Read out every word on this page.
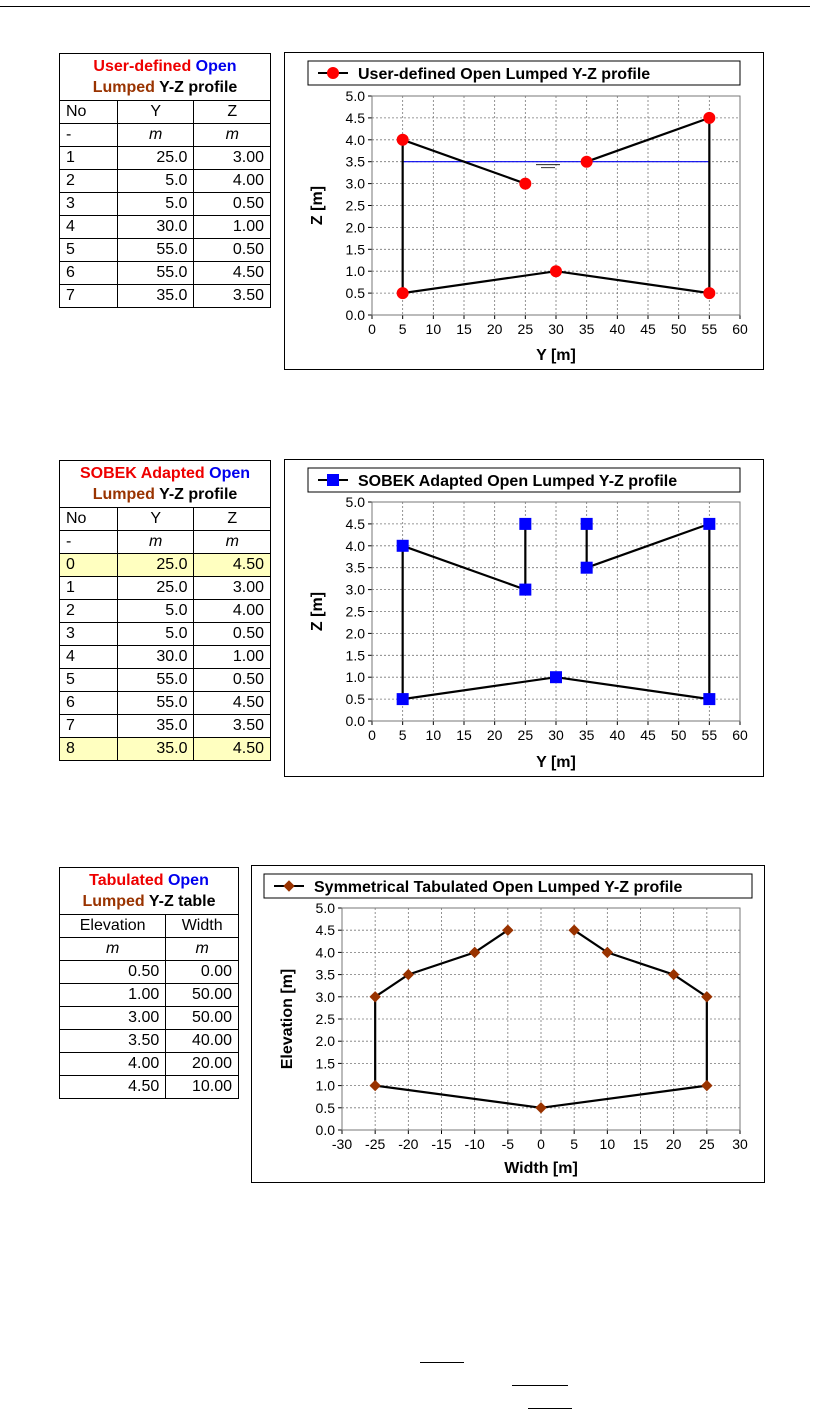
User-defined Open
Lumped Y-Z profile		
No	Y	Z
-	m	m
1	25.0	3.00
2	5.0	4.00
3	5.0	0.50
4	30.0	1.00
5	55.0	0.50
6	55.0	4.50
7	35.0	3.50
SOBEK Adapted Open
Lumped Y-Z profile		
No	Y	Z
-	m	m
0	25.0	4.50
1	25.0	3.00
2	5.0	4.00
3	5.0	0.50
4	30.0	1.00
5	55.0	0.50
6	55.0	4.50
7	35.0	3.50
8	35.0	4.50
Tabulated Open
Lumped Y-Z table	
Elevation	Width
m	m
0.50	0.00
1.00	50.00
3.00	50.00
3.50	40.00
4.00	20.00
4.50	10.00
0 5 10 15 20 25 30 35 40 45 50 55 60
0.0
0.5
1.0
1.5
2.0
2.5
3.0
3.5
4.0
4.5
5.0
Y [m]
Z [m]
User-defined Open Lumped Y-Z profile
0 5 10 15 20 25 30 35 40 45 50 55 60
0.0
0.5
1.0
1.5
2.0
2.5
3.0
3.5
4.0
4.5
5.0
Y [m]
Z [m]
SOBEK Adapted Open Lumped Y-Z profile
-30 -25 -20 -15 -10 -5 0 5 10 15 20 25 30
0.0
0.5
1.0
1.5
2.0
2.5
3.0
3.5
4.0
4.5
5.0
Width [m]
Elevation [m]
Symmetrical Tabulated Open Lumped Y-Z profile
